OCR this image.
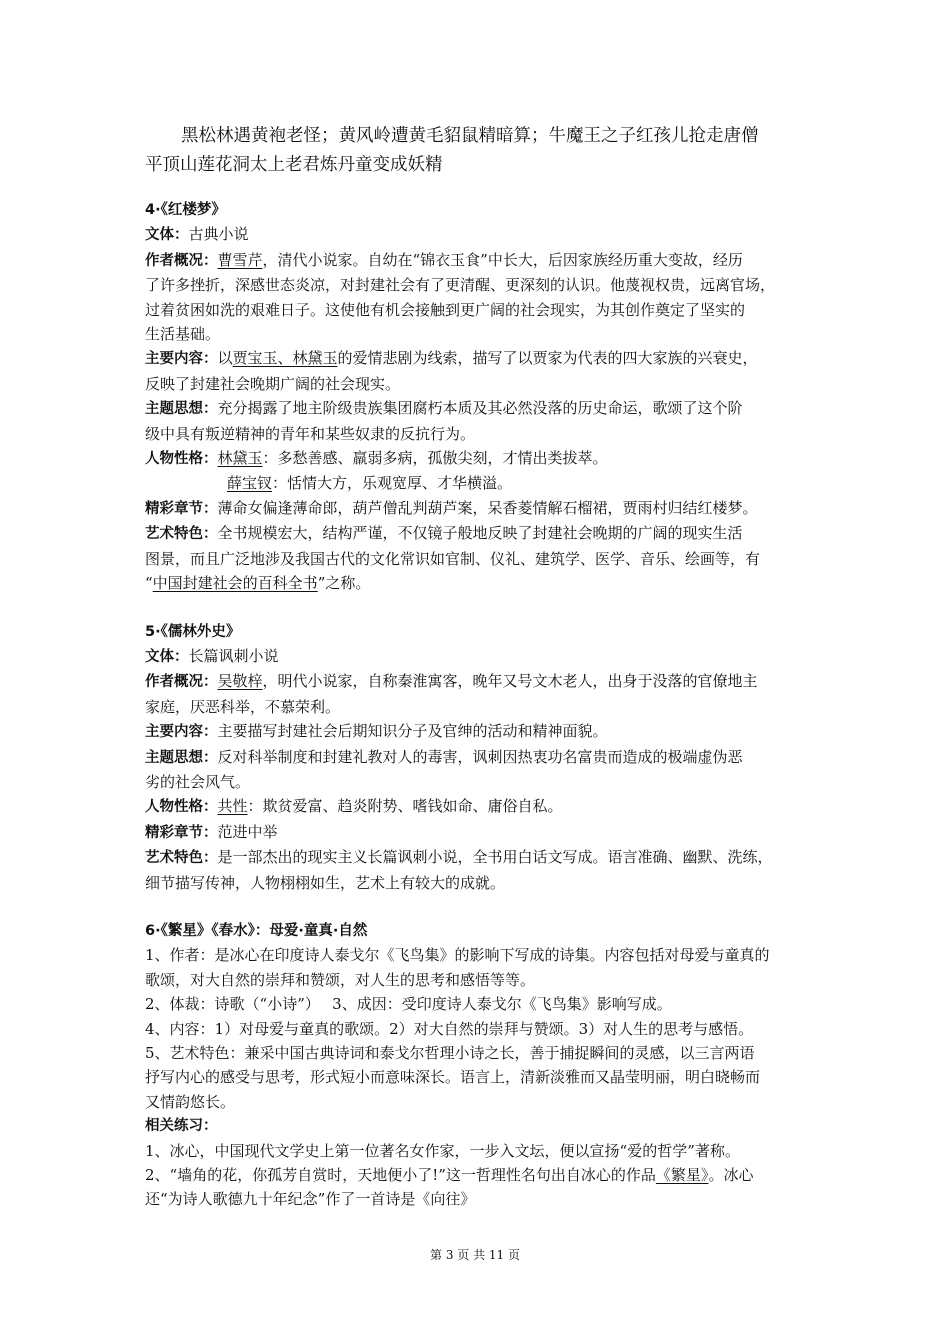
黑松林遇黄袍老怪；黄风岭遭黄毛貂鼠精暗算；牛魔王之子红孩儿抢走唐僧
平顶山莲花洞太上老君炼丹童变成妖精
4·《红楼梦》
文体：古典小说
作者概况：曹雪芹，清代小说家。自幼在“锦衣玉食”中长大，后因家族经历重大变故，经历
了许多挫折，深感世态炎凉，对封建社会有了更清醒、更深刻的认识。他蔑视权贵，远离官场，
过着贫困如洗的艰难日子。这使他有机会接触到更广阔的社会现实，为其创作奠定了坚实的
生活基础。
主要内容：以贾宝玉、林黛玉的爱情悲剧为线索，描写了以贾家为代表的四大家族的兴衰史，
反映了封建社会晚期广阔的社会现实。
主题思想：充分揭露了地主阶级贵族集团腐朽本质及其必然没落的历史命运，歌颂了这个阶
级中具有叛逆精神的青年和某些奴隶的反抗行为。
人物性格：林黛玉：多愁善感、羸弱多病，孤傲尖刻，才情出类拔萃。
薛宝钗：恬情大方，乐观宽厚、才华横溢。
精彩章节：薄命女偏逢薄命郎，葫芦僧乱判葫芦案，呆香菱情解石榴裙，贾雨村归结红楼梦。
艺术特色：全书规模宏大，结构严谨，不仅镜子般地反映了封建社会晚期的广阔的现实生活
图景，而且广泛地涉及我国古代的文化常识如官制、仪礼、建筑学、医学、音乐、绘画等，有
“中国封建社会的百科全书”之称。
5·《儒林外史》
文体：长篇讽刺小说
作者概况：吴敬梓，明代小说家，自称秦淮寓客，晚年又号文木老人，出身于没落的官僚地主
家庭，厌恶科举，不慕荣利。
主要内容：主要描写封建社会后期知识分子及官绅的活动和精神面貌。
主题思想：反对科举制度和封建礼教对人的毒害，讽刺因热衷功名富贵而造成的极端虚伪恶
劣的社会风气。
人物性格：共性：欺贫爱富、趋炎附势、嗜钱如命、庸俗自私。
精彩章节：范进中举
艺术特色：是一部杰出的现实主义长篇讽刺小说，全书用白话文写成。语言准确、幽默、洗练，
细节描写传神，人物栩栩如生，艺术上有较大的成就。
6·《繁星》《春水》：母爱·童真·自然
1、作者：是冰心在印度诗人泰戈尔《飞鸟集》的影响下写成的诗集。内容包括对母爱与童真的
歌颂，对大自然的崇拜和赞颂，对人生的思考和感悟等等。
2、体裁：诗歌（“小诗”）　 3、成因：受印度诗人泰戈尔《飞鸟集》影响写成。
4、内容：1）对母爱与童真的歌颂。2）对大自然的崇拜与赞颂。3）对人生的思考与感悟。
5、艺术特色：兼采中国古典诗词和泰戈尔哲理小诗之长，善于捕捉瞬间的灵感，以三言两语
抒写内心的感受与思考，形式短小而意味深长。语言上，清新淡雅而又晶莹明丽，明白晓畅而
又情韵悠长。
相关练习：
1、冰心，中国现代文学史上第一位著名女作家，一步入文坛，便以宣扬“爱的哲学”著称。
2、“墙角的花，你孤芳自赏时，天地便小了!”这一哲理性名句出自冰心的作品《繁星》。冰心
还“为诗人歌德九十年纪念”作了一首诗是《向往》
第 3 页 共 11 页
